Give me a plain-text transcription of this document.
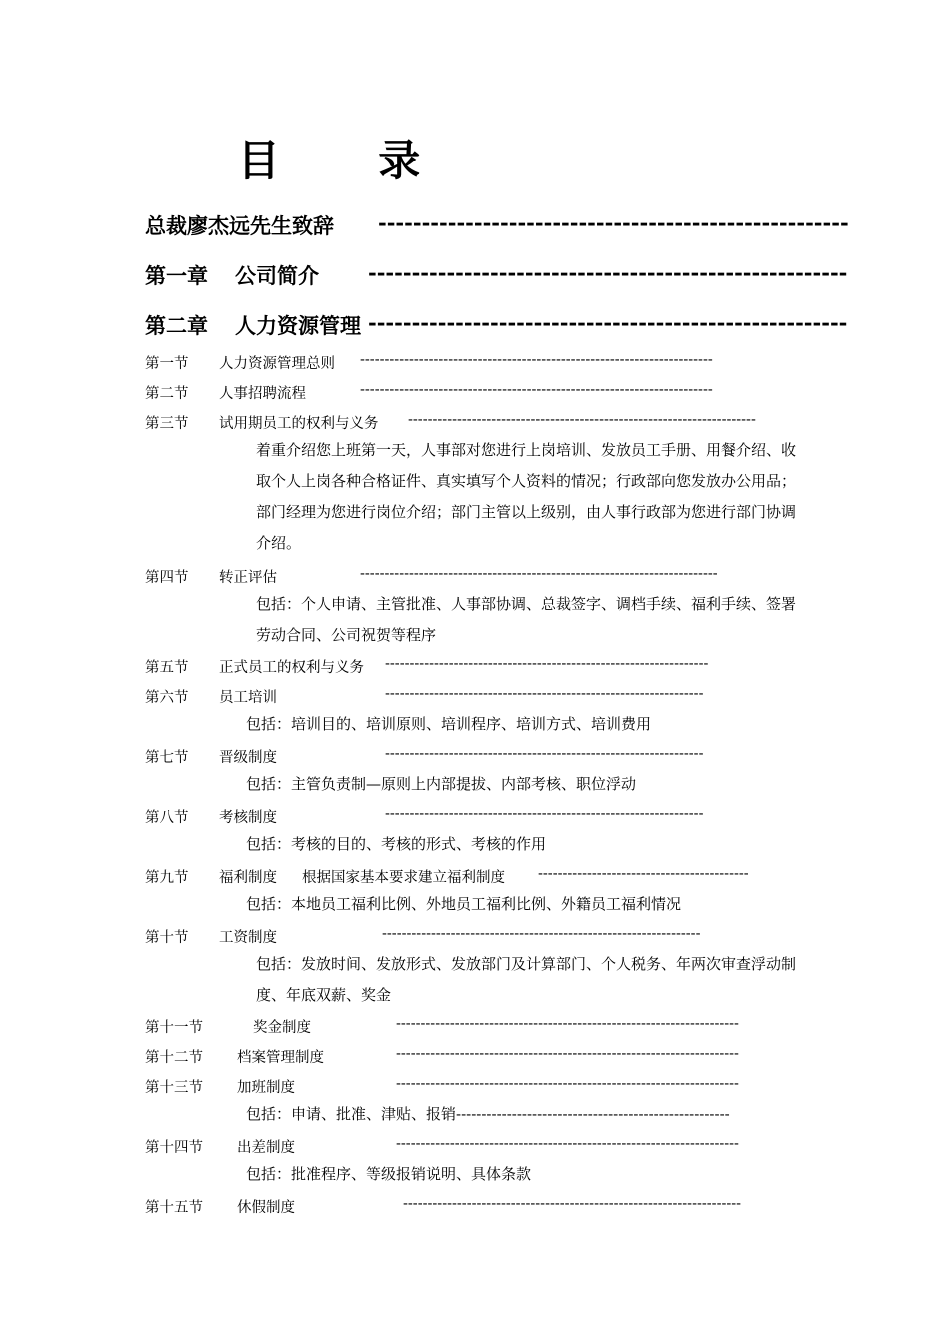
目 录
总裁廖杰远先生致辞 ------------------------------------------------------
第一章 公司简介 -------------------------------------------------------
第二章 人力资源管理 -------------------------------------------------------
第一节 人力资源管理总则 ------------------------------------------------------------------------
第二节 人事招聘流程	------------------------------------------------------------------------
第三节 试用期员工的权利与义务 -----------------------------------------------------------------------
着重介绍您上班第一天，人事部对您进行上岗培训、发放员工手册、用餐介绍、收取个人上岗各种合格证件、真实填写个人资料的情况；行政部向您发放办公用品；部门经理为您进行岗位介绍；部门主管以上级别，由人事行政部为您进行部门协调介绍。
第四节 转正评估	-------------------------------------------------------------------------
包括：个人申请、主管批准、人事部协调、总裁签字、调档手续、福利手续、签署劳动合同、公司祝贺等程序
第五节 正式员工的权利与义务 ------------------------------------------------------------------
第六节 员工培训	-----------------------------------------------------------------
包括：培训目的、培训原则、培训程序、培训方式、培训费用
第七节 晋级制度	-----------------------------------------------------------------
包括：主管负责制—原则上内部提拔、内部考核、职位浮动
第八节 考核制度	-----------------------------------------------------------------
包括：考核的目的、考核的形式、考核的作用
第九节 福利制度 根据国家基本要求建立福利制度 -------------------------------------------
包括：本地员工福利比例、外地员工福利比例、外籍员工福利情况
第十节 工资制度	-----------------------------------------------------------------
包括：发放时间、发放形式、发放部门及计算部门、个人税务、年两次审查浮动制度、年底双薪、奖金
第十一节	奖金制度	----------------------------------------------------------------------
第十二节 档案管理制度	----------------------------------------------------------------------
第十三节 加班制度	----------------------------------------------------------------------
包括：申请、批准、津贴、报销------------------------------------------------------
第十四节 出差制度	----------------------------------------------------------------------
包括：批准程序、等级报销说明、具体条款
第十五节 休假制度	---------------------------------------------------------------------
